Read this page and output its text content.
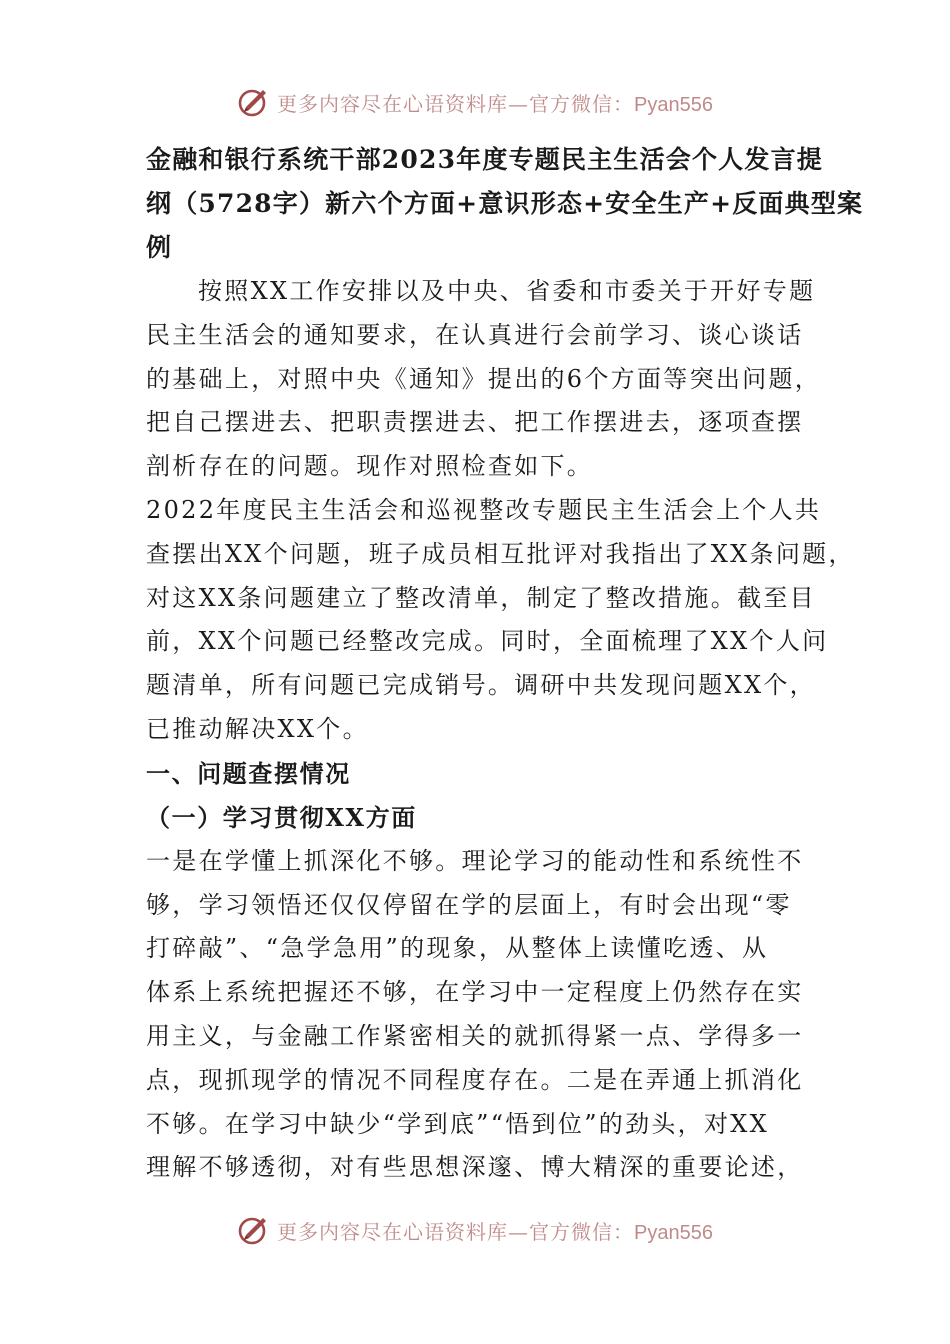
更多内容尽在心语资料库—官方微信：Pyan556
金融和银行系统干部2023年度专题民主生活会个人发言提
纲（5728字）新六个方面+意识形态+安全生产+反面典型案
例

按照XX工作安排以及中央、省委和市委关于开好专题
民主生活会的通知要求，在认真进行会前学习、谈心谈话
的基础上，对照中央《通知》提出的6个方面等突出问题，
把自己摆进去、把职责摆进去、把工作摆进去，逐项查摆
剖析存在的问题。现作对照检查如下。

2022年度民主生活会和巡视整改专题民主生活会上个人共
查摆出XX个问题，班子成员相互批评对我指出了XX条问题，
对这XX条问题建立了整改清单，制定了整改措施。截至目
前，XX个问题已经整改完成。同时，全面梳理了XX个人问
题清单，所有问题已完成销号。调研中共发现问题XX个，
已推动解决XX个。

一、问题查摆情况
（一）学习贯彻XX方面

一是在学懂上抓深化不够。理论学习的能动性和系统性不
够，学习领悟还仅仅停留在学的层面上，有时会出现“零
打碎敲”、“急学急用”的现象，从整体上读懂吃透、从
体系上系统把握还不够，在学习中一定程度上仍然存在实
用主义，与金融工作紧密相关的就抓得紧一点、学得多一
点，现抓现学的情况不同程度存在。二是在弄通上抓消化
不够。在学习中缺少“学到底”“悟到位”的劲头，对XX
理解不够透彻，对有些思想深邃、博大精深的重要论述，

更多内容尽在心语资料库—官方微信：Pyan556
